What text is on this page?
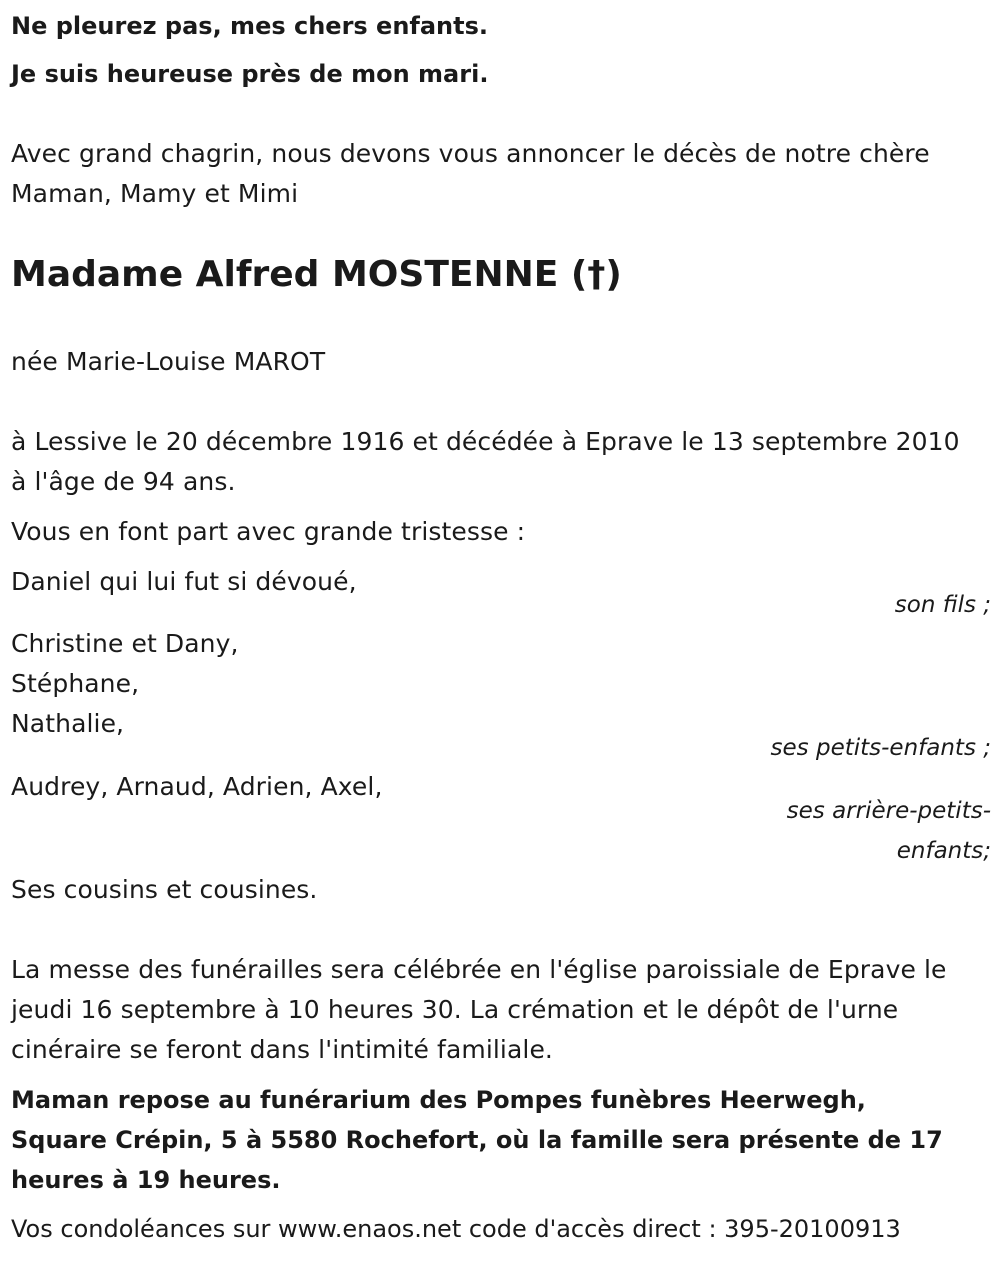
Ne pleurez pas, mes chers enfants.
Je suis heureuse près de mon mari.
Avec grand chagrin, nous devons vous annoncer le décès de notre chère
Maman, Mamy et Mimi
Madame Alfred MOSTENNE (†)
née Marie-Louise MAROT
à Lessive le 20 décembre 1916 et décédée à Eprave le 13 septembre 2010
à l'âge de 94 ans.
Vous en font part avec grande tristesse :
Daniel qui lui fut si dévoué,
son fils ;
Christine et Dany,
Stéphane,
Nathalie,
ses petits-enfants ;
Audrey, Arnaud, Adrien, Axel,
ses arrière-petits-
enfants;
Ses cousins et cousines.
La messe des funérailles sera célébrée en l'église paroissiale de Eprave le
jeudi 16 septembre à 10 heures 30. La crémation et le dépôt de l'urne
cinéraire se feront dans l'intimité familiale.
Maman repose au funérarium des Pompes funèbres Heerwegh,
Square Crépin, 5 à 5580 Rochefort, où la famille sera présente de 17
heures à 19 heures.
Vos condoléances sur www.enaos.net code d'accès direct : 395-20100913
